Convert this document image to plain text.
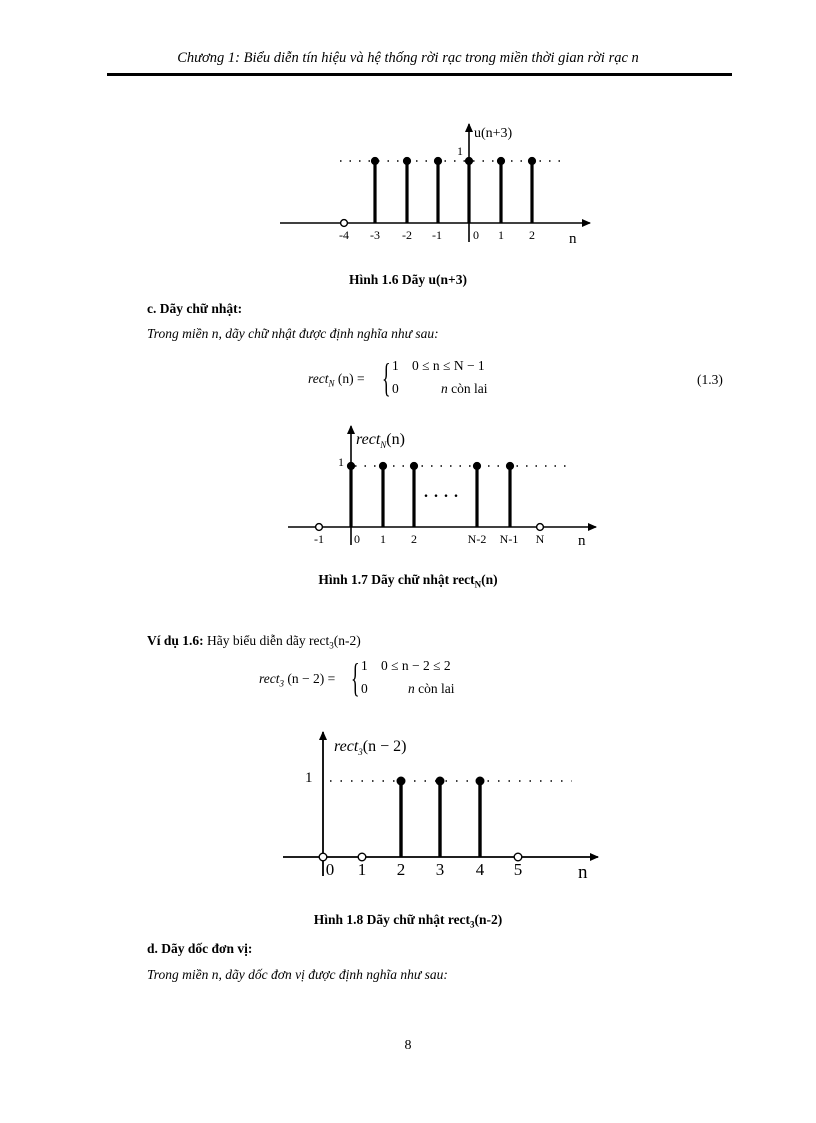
Chương 1: Biểu diễn tín hiệu và hệ thống rời rạc trong miền thời gian rời rạc n
-4 -3 -2 -1	0 1 2
u(n+3)
1
n
Hình 1.6 Dãy u(n+3)
c. Dãy chữ nhật:
Trong miền n, dãy chữ nhật được định nghĩa như sau:
rect$_N$ (n) = { 1 0 ≤ n ≤ N − 1
0	n còn lai
(1.3)
-1	0 1 2	N-2 N-1 N
. . . .
rect$_N$(n)
1
n
Hình 1.7 Dãy chữ nhật rect$_N$(n)
Ví dụ 1.6: Hãy biểu diễn dãy rect$_3$(n-2)
rect$_3$ (n − 2) = { 1 0 ≤ n − 2 ≤ 2
0	n còn lai
0 1 2 3 4 5
rect$_3$(n − 2)
1
n
Hình 1.8 Dãy chữ nhật rect$_3$(n-2)
d. Dãy dốc đơn vị:
Trong miền n, dãy dốc đơn vị được định nghĩa như sau:
8
